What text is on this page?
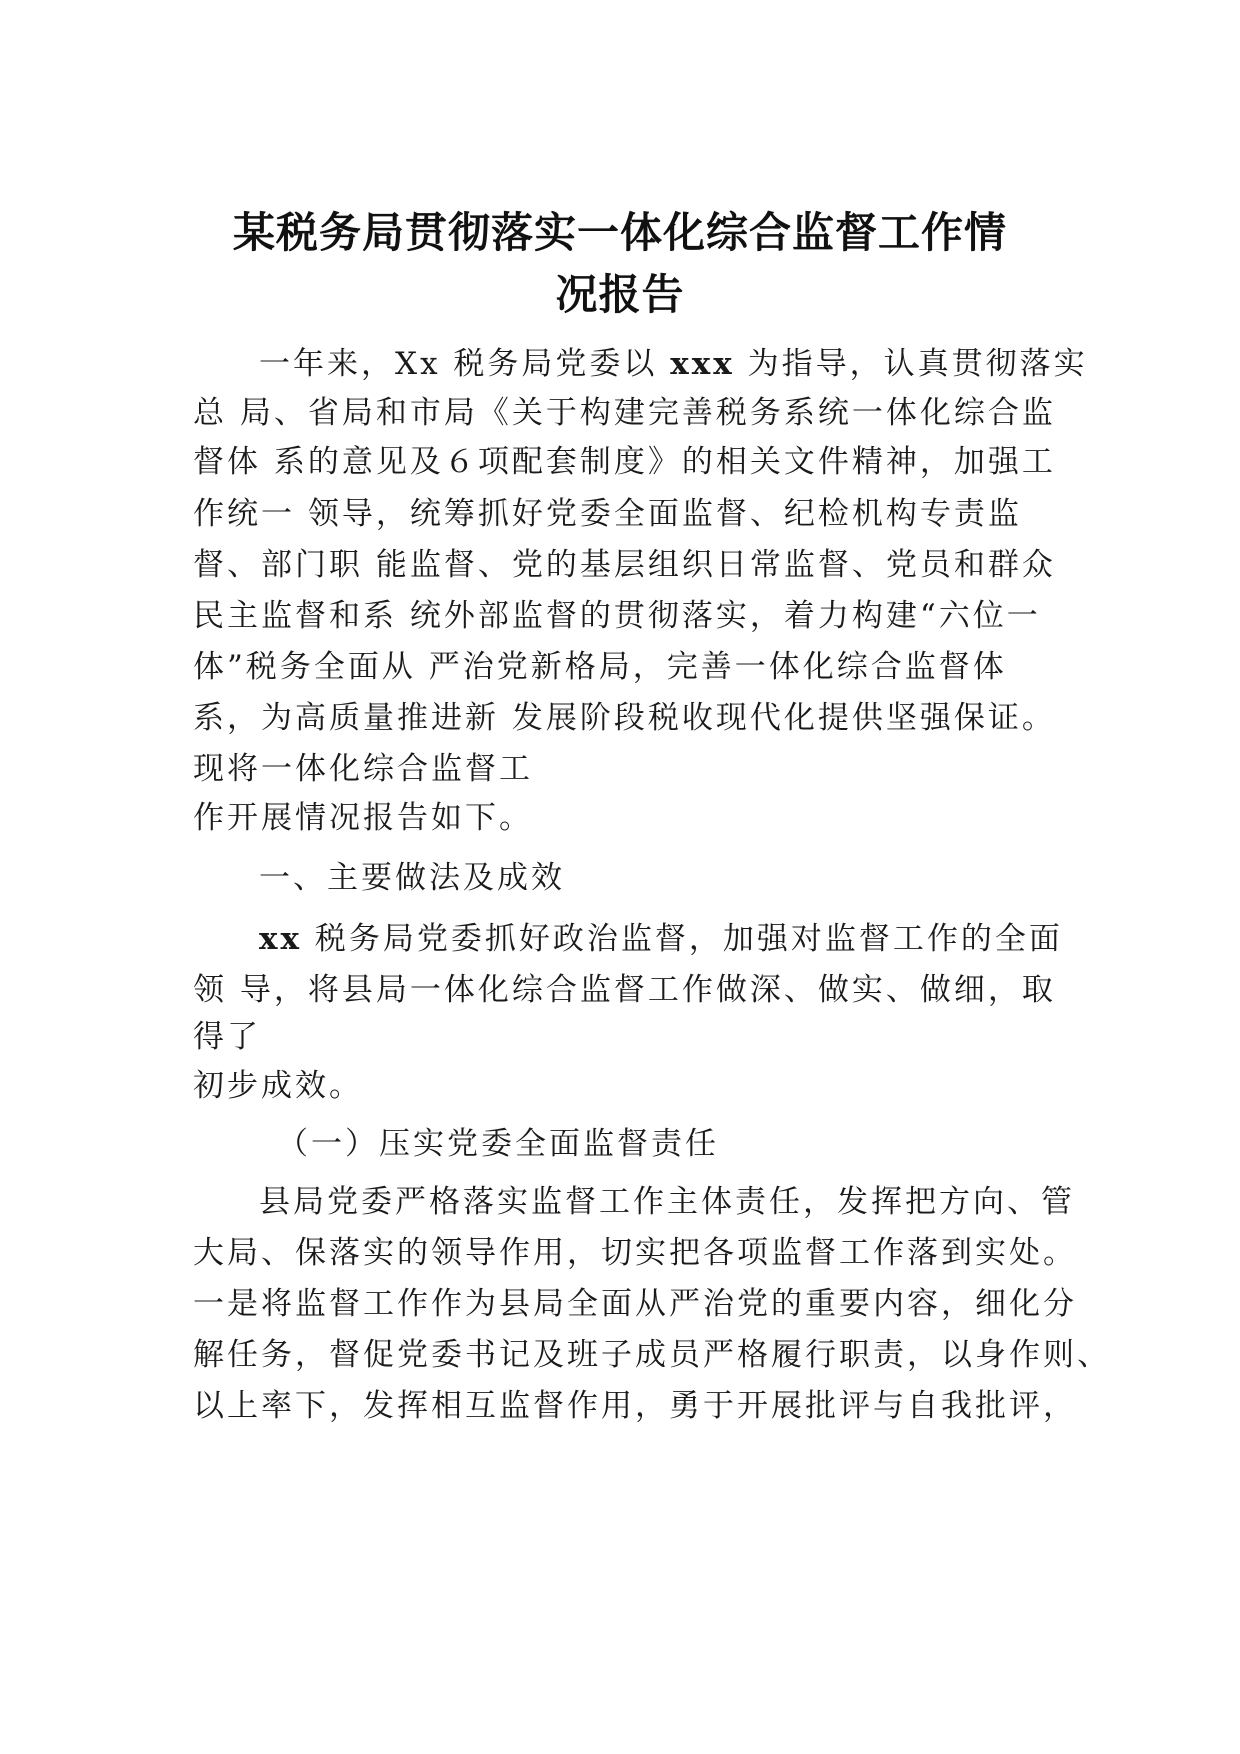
某税务局贯彻落实一体化综合监督工作情
况报告
一年来，Xx 税务局党委以 xxx 为指导，认真贯彻落实
总 局、省局和市局《关于构建完善税务系统一体化综合监
督体 系的意见及６项配套制度》的相关文件精神，加强工
作统一 领导，统筹抓好党委全面监督、纪检机构专责监
督、部门职 能监督、党的基层组织日常监督、党员和群众
民主监督和系 统外部监督的贯彻落实，着力构建“六位一
体”税务全面从 严治党新格局，完善一体化综合监督体
系，为高质量推进新 发展阶段税收现代化提供坚强保证。
现将一体化综合监督工
作开展情况报告如下。
一、主要做法及成效
xx 税务局党委抓好政治监督，加强对监督工作的全面
领 导，将县局一体化综合监督工作做深、做实、做细，取
得了
初步成效。
（一）压实党委全面监督责任
县局党委严格落实监督工作主体责任，发挥把方向、管
大局、保落实的领导作用，切实把各项监督工作落到实处。
一是将监督工作作为县局全面从严治党的重要内容，细化分
解任务，督促党委书记及班子成员严格履行职责，以身作则、
以上率下，发挥相互监督作用，勇于开展批评与自我批评，
